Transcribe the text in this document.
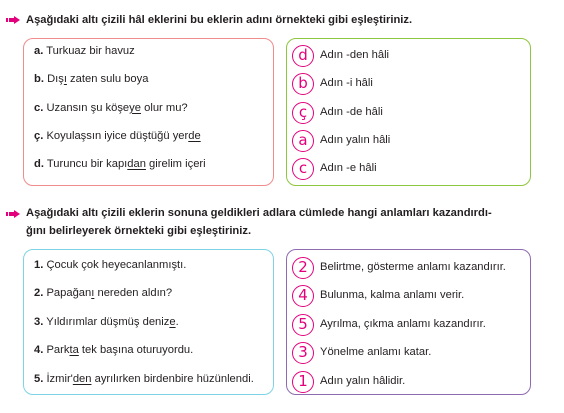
Aşağıdaki altı çizili hâl eklerini bu eklerin adını örnekteki gibi eşleştiriniz.
a. Turkuaz bir havuz
b. Dışı zaten sulu boya
c. Uzansın şu köşeye olur mu?
ç. Koyulaşsın iyice düştüğü yerde
d. Turuncu bir kapıdan girelim içeri
d	Adın -den hâli
b	Adın -i hâli
ç	Adın -de hâli
a	Adın yalın hâli
c	Adın -e hâli
Aşağıdaki altı çizili eklerin sonuna geldikleri adlara cümlede hangi anlamları kazandırdı-
ğını belirleyerek örnekteki gibi eşleştiriniz.
1. Çocuk çok heyecanlanmıştı.
2. Papağanı nereden aldın?
3. Yıldırımlar düşmüş denize.
4. Parkta tek başına oturuyordu.
5. İzmir'den ayrılırken birdenbire hüzünlendi.
2	Belirtme, gösterme anlamı kazandırır.
4	Bulunma, kalma anlamı verir.
5	Ayrılma, çıkma anlamı kazandırır.
3	Yönelme anlamı katar.
1	Adın yalın hâlidir.
